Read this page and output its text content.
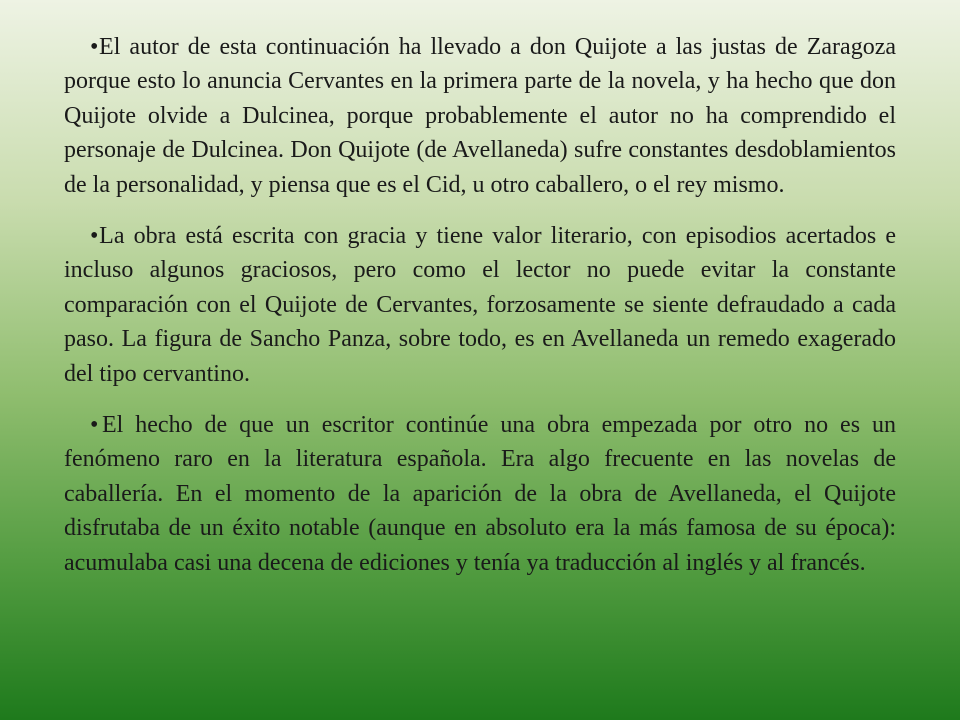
• El autor de esta continuación ha llevado a don Quijote a las justas de Zaragoza porque esto lo anuncia Cervantes en la primera parte de la novela, y ha hecho que don Quijote olvide a Dulcinea, porque probablemente el autor no ha comprendido el personaje de Dulcinea. Don Quijote (de Avellaneda) sufre constantes desdoblamientos de la personalidad, y piensa que es el Cid, u otro caballero, o el rey mismo.

• La obra está escrita con gracia y tiene valor literario, con episodios acertados e incluso algunos graciosos, pero como el lector no puede evitar la constante comparación con el Quijote de Cervantes, forzosamente se siente defraudado a cada paso. La figura de Sancho Panza, sobre todo, es en Avellaneda un remedo exagerado del tipo cervantino.

• El hecho de que un escritor continúe una obra empezada por otro no es un fenómeno raro en la literatura española. Era algo frecuente en las novelas de caballería. En el momento de la aparición de la obra de Avellaneda, el Quijote disfrutaba de un éxito notable (aunque en absoluto era la más famosa de su época): acumulaba casi una decena de ediciones y tenía ya traducción al inglés y al francés.
